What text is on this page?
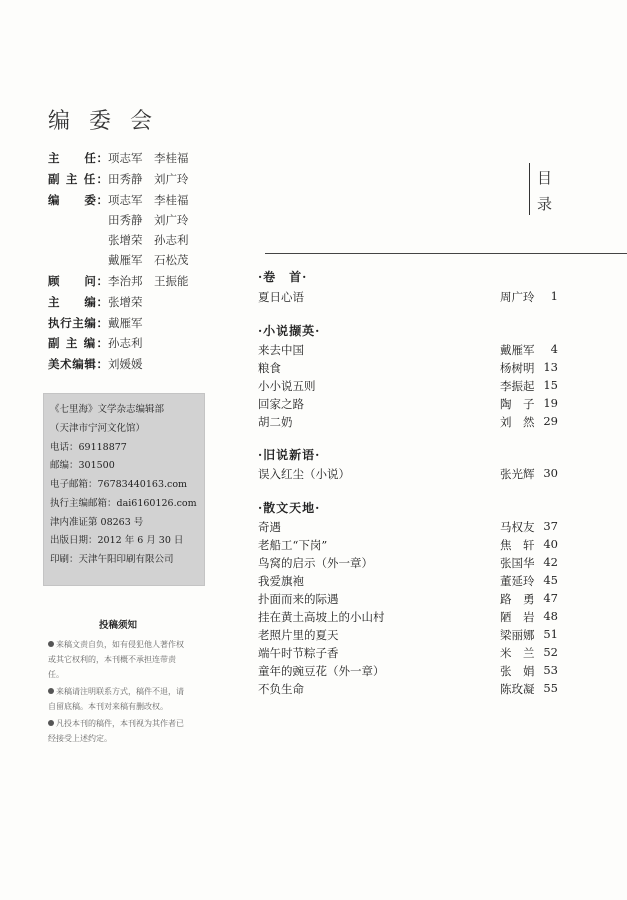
编 委 会
主　　任：项志军　李桂福
副 主 任：田秀静　刘广玲
编　　委：项志军　李桂福
田秀静　刘广玲
张增荣　孙志利
戴雁军　石松茂
顾　　问：李治邦　王振能
主　　编：张增荣
执行主编：戴雁军
副 主 编：孙志利
美术编辑：刘媛媛
《七里海》文学杂志编辑部
（天津市宁河文化馆）
电话：69118877
邮编：301500
电子邮箱：76783440163.com
执行主编邮箱：dai6160126.com
津内准证第 08263 号
出版日期：2012 年 6 月 30 日
印刷：天津午阳印刷有限公司
投稿须知
来稿文责自负，如有侵犯他人著作权或其它权利的，本刊概不承担连带责任。
来稿请注明联系方式，稿件不退，请自留底稿。本刊对来稿有删改权。
凡投本刊的稿件，本刊视为其作者已经接受上述约定。
目
录
·卷　首·
夏日心语	周广玲 1
·小说撷英·
来去中国	戴雁军 4
粮食	杨树明 13
小小说五则	李振起 15
回家之路	陶　子 19
胡二奶	刘　然 29
·旧说新语·
误入红尘（小说）	张光辉 30
·散文天地·
奇遇	马权友 37
老船工“下岗”	焦　轩 40
鸟窝的启示（外一章）	张国华 42
我爱旗袍	董延玲 45
扑面而来的际遇	路　勇 47
挂在黄土高坡上的小山村	陋　岩 48
老照片里的夏天	梁丽娜 51
端午时节粽子香	米　兰 52
童年的豌豆花（外一章）	张　娟 53
不负生命	陈玫凝 55
